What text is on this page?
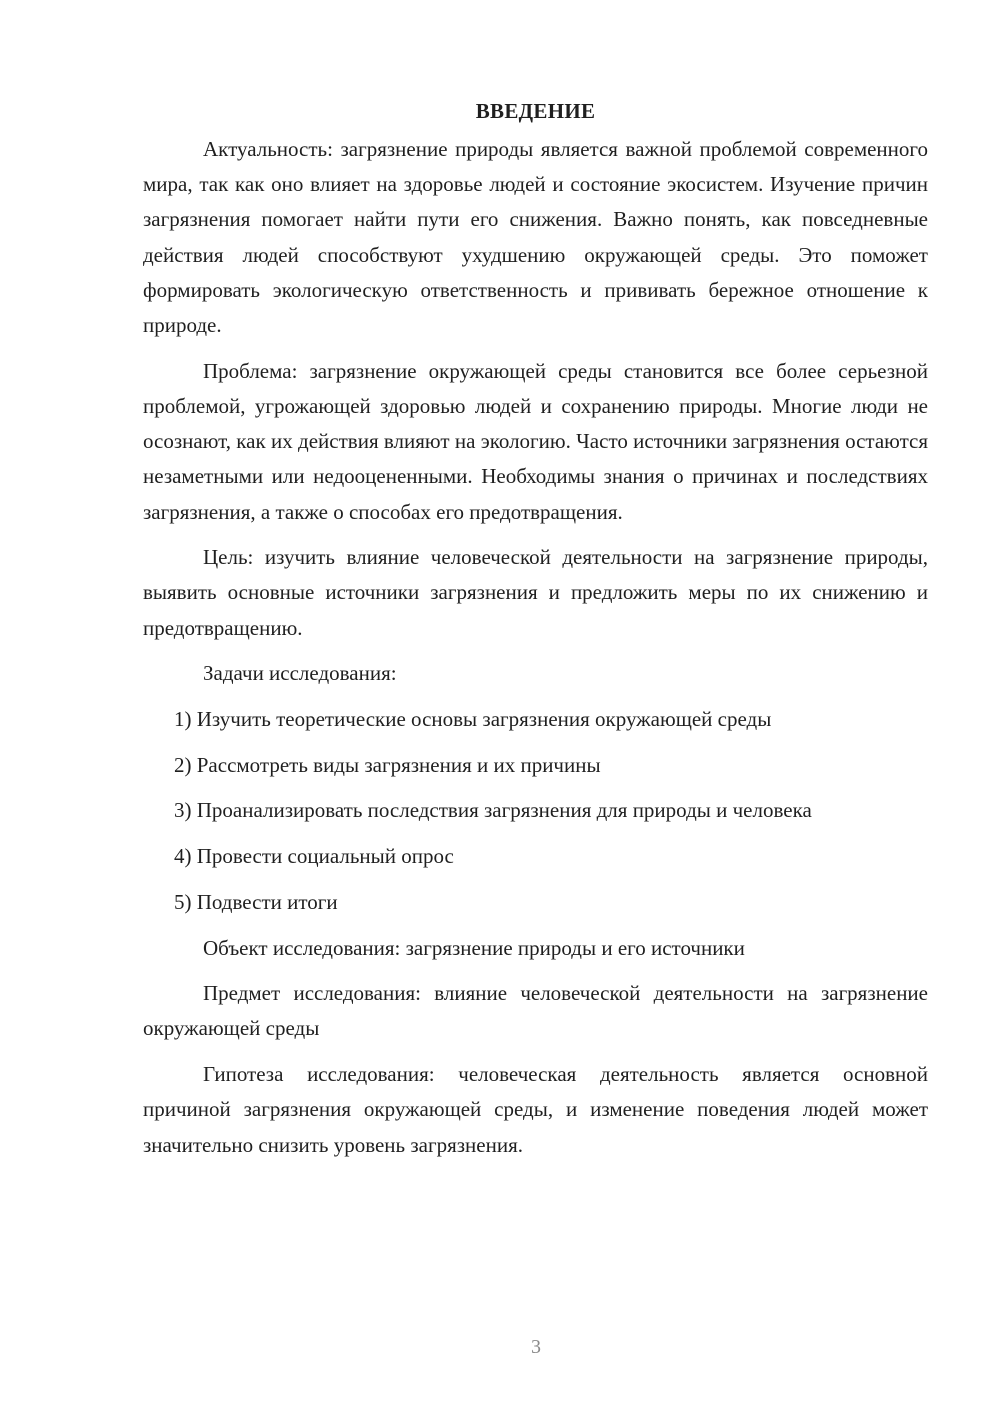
ВВЕДЕНИЕ

Актуальность: загрязнение природы является важной проблемой современного мира, так как оно влияет на здоровье людей и состояние экосистем. Изучение причин загрязнения помогает найти пути его снижения. Важно понять, как повседневные действия людей способствуют ухудшению окружающей среды. Это поможет формировать экологическую ответственность и прививать бережное отношение к природе.

Проблема: загрязнение окружающей среды становится все более серьезной проблемой, угрожающей здоровью людей и сохранению природы. Многие люди не осознают, как их действия влияют на экологию. Часто источники загрязнения остаются незаметными или недооцененными. Необходимы знания о причинах и последствиях загрязнения, а также о способах его предотвращения.

Цель: изучить влияние человеческой деятельности на загрязнение природы, выявить основные источники загрязнения и предложить меры по их снижению и предотвращению.

Задачи исследования:

1) Изучить теоретические основы загрязнения окружающей среды

2) Рассмотреть виды загрязнения и их причины

3) Проанализировать последствия загрязнения для природы и человека

4) Провести социальный опрос

5) Подвести итоги

Объект исследования: загрязнение природы и его источники

Предмет исследования: влияние человеческой деятельности на загрязнение окружающей среды

Гипотеза исследования: человеческая деятельность является основной причиной загрязнения окружающей среды, и изменение поведения людей может значительно снизить уровень загрязнения.

3
